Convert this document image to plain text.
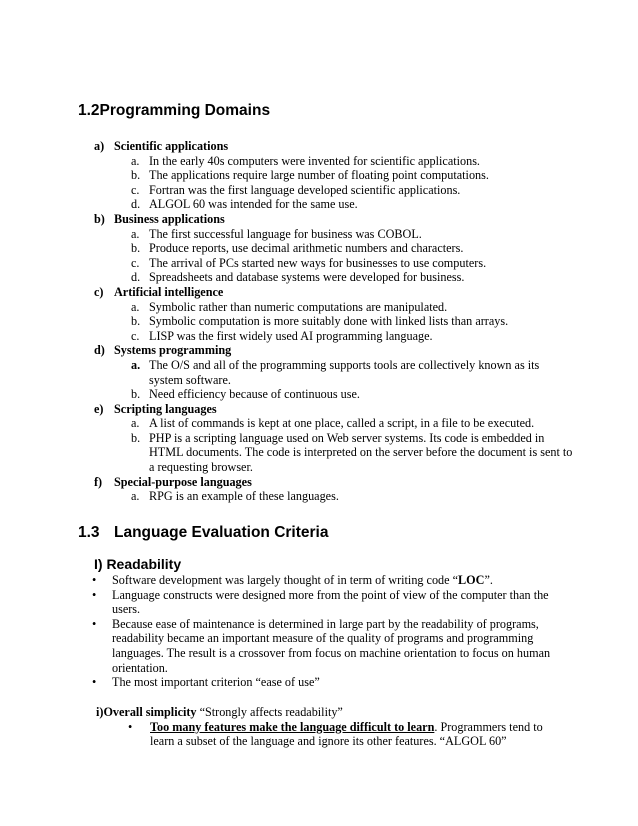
1.2Programming Domains
a) Scientific applications
a. In the early 40s computers were invented for scientific applications.
b. The applications require large number of floating point computations.
c. Fortran was the first language developed scientific applications.
d. ALGOL 60 was intended for the same use.
b) Business applications
a. The first successful language for business was COBOL.
b. Produce reports, use decimal arithmetic numbers and characters.
c. The arrival of PCs started new ways for businesses to use computers.
d. Spreadsheets and database systems were developed for business.
c) Artificial intelligence
a. Symbolic rather than numeric computations are manipulated.
b. Symbolic computation is more suitably done with linked lists than arrays.
c. LISP was the first widely used AI programming language.
d) Systems programming
a. The O/S and all of the programming supports tools are collectively known as its system software.
b. Need efficiency because of continuous use.
e) Scripting languages
a. A list of commands is kept at one place, called a script, in a file to be executed.
b. PHP is a scripting language used on Web server systems. Its code is embedded in HTML documents. The code is interpreted on the server before the document is sent to a requesting browser.
f) Special-purpose languages
a. RPG is an example of these languages.
1.3 Language Evaluation Criteria
I) Readability
•	Software development was largely thought of in term of writing code “LOC”.
•	Language constructs were designed more from the point of view of the computer than the users.
•	Because ease of maintenance is determined in large part by the readability of programs, readability became an important measure of the quality of programs and programming languages. The result is a crossover from focus on machine orientation to focus on human orientation.
•	The most important criterion “ease of use”
i)Overall simplicity “Strongly affects readability”
•	Too many features make the language difficult to learn. Programmers tend to learn a subset of the language and ignore its other features. “ALGOL 60”
